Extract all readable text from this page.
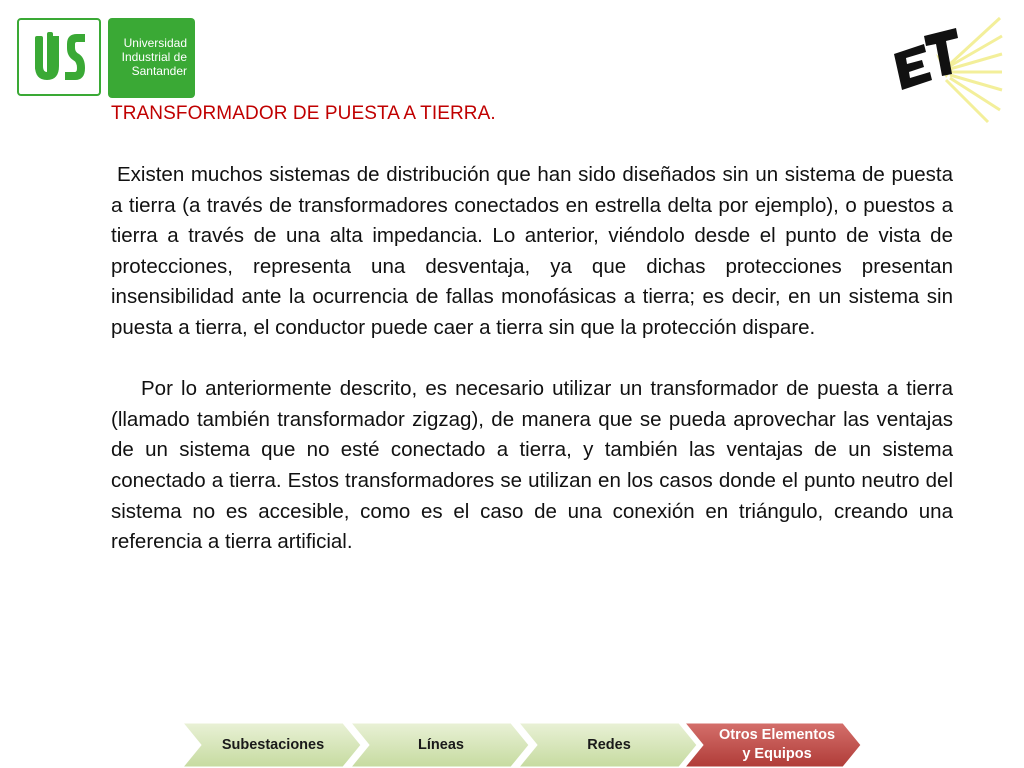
Universidad
Industrial de
Santander
TRANSFORMADOR DE PUESTA A TIERRA.

Existen muchos sistemas de distribución que han sido diseñados sin un sistema de puesta a tierra (a través de transformadores conectados en estrella delta por ejemplo), o puestos a tierra a través de una alta impedancia. Lo anterior, viéndolo desde el punto de vista de protecciones, representa una desventaja, ya que dichas protecciones presentan insensibilidad ante la ocurrencia de fallas monofásicas a tierra; es decir, en un sistema sin puesta a tierra, el conductor puede caer a tierra sin que la protección dispare.

Por lo anteriormente descrito, es necesario utilizar un transformador de puesta a tierra (llamado también transformador zigzag), de manera que se pueda aprovechar las ventajas de un sistema que no esté conectado a tierra, y también las ventajas de un sistema conectado a tierra. Estos transformadores se utilizan en los casos donde el punto neutro del sistema no es accesible, como es el caso de una conexión en triángulo, creando una referencia a tierra artificial.

Subestaciones	Líneas	Redes
Otros Elementos
y Equipos
